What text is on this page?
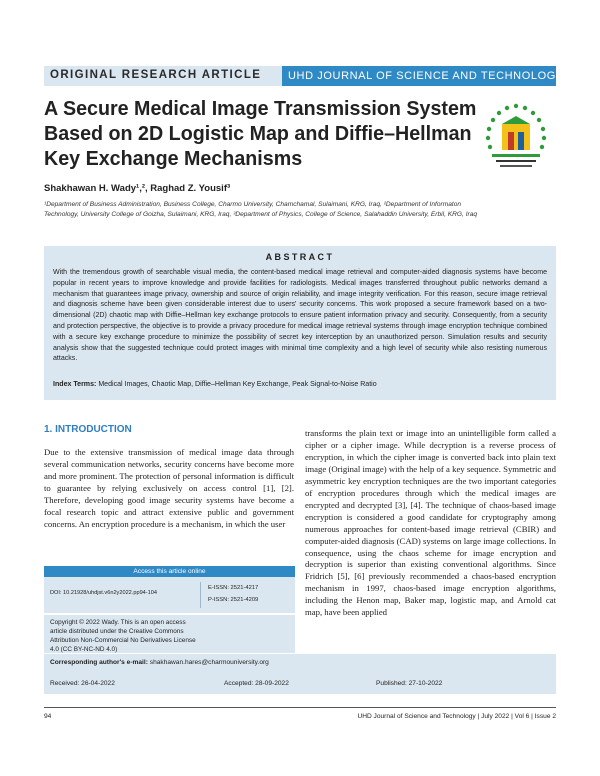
ORIGINAL RESEARCH ARTICLE UHD JOURNAL OF SCIENCE AND TECHNOLOGY
A Secure Medical Image Transmission System
Based on 2D Logistic Map and Diffie–Hellman
Key Exchange Mechanisms
Shakhawan H. Wady¹,², Raghad Z. Yousif³
¹Department of Business Administration, Business College, Charmo University, Chamchamal, Sulaimani, KRG, Iraq, ²Department of Informaton Technology, University College of Goizha, Sulaimani, KRG, Iraq, ³Department of Physics, College of Science, Salahaddin University, Erbil, KRG, Iraq
ABSTRACT
With the tremendous growth of searchable visual media, the content-based medical image retrieval and computer-aided diagnosis systems have become popular in recent years to improve knowledge and provide facilities for radiologists. Medical images transferred throughout public networks demand a mechanism that guarantees image privacy, ownership and source of origin reliability, and image integrity verification. For this reason, secure image retrieval and diagnosis scheme have been given considerable interest due to users' security concerns. This work proposed a secure framework based on a two-dimensional (2D) chaotic map with Diffie–Hellman key exchange protocols to ensure patient information privacy and security. Consequently, from a security and protection perspective, the objective is to provide a privacy procedure for medical image retrieval systems through image encryption technique combined with a secure key exchange procedure to minimize the possibility of secret key interception by an unauthorized person. Simulation results and security analysis show that the suggested technique could protect images with minimal time complexity and a high level of security while also resisting numerous attacks.
Index Terms: Medical Images, Chaotic Map, Diffie–Hellman Key Exchange, Peak Signal-to-Noise Ratio
1. INTRODUCTION
Due to the extensive transmission of medical image data through several communication networks, security concerns have become more and more prominent. The protection of personal information is difficult to guarantee by relying exclusively on access control [1], [2]. Therefore, developing good image security systems have become a focal research topic and attract extensive public and government concerns. An encryption procedure is a mechanism, in which the user
transforms the plain text or image into an unintelligible form called a cipher or a cipher image. While decryption is a reverse process of encryption, in which the cipher image is converted back into plain text image (Original image) with the help of a key sequence. Symmetric and asymmetric key encryption techniques are the two important categories of encryption procedures through which the medical images are encrypted and decrypted [3], [4]. The technique of chaos-based image encryption is considered a good candidate for cryptography among numerous approaches for content-based image retrieval (CBIR) and computer-aided diagnosis (CAD) systems on large image collections. In consequence, using the chaos scheme for image encryption and decryption is superior than existing conventional algorithms. Since Fridrich [5], [6] previously recommended a chaos-based encryption mechanism in 1997, chaos-based image encryption algorithms, including the Henon map, Baker map, logistic map, and Arnold cat map, have been applied
Access this article online
DOI: 10.21928/uhdjst.v6n2y2022.pp94-104
E-ISSN: 2521-4217
P-ISSN: 2521-4209
Copyright © 2022 Wady. This is an open access article distributed under the Creative Commons Attribution Non-Commercial No Derivatives License 4.0 (CC BY-NC-ND 4.0)
Corresponding author's e-mail: shakhawan.hares@charmouniversity.org
Received: 26-04-2022	Accepted: 28-09-2022	Published: 27-10-2022
94	UHD Journal of Science and Technology | July 2022 | Vol 6 | Issue 2
